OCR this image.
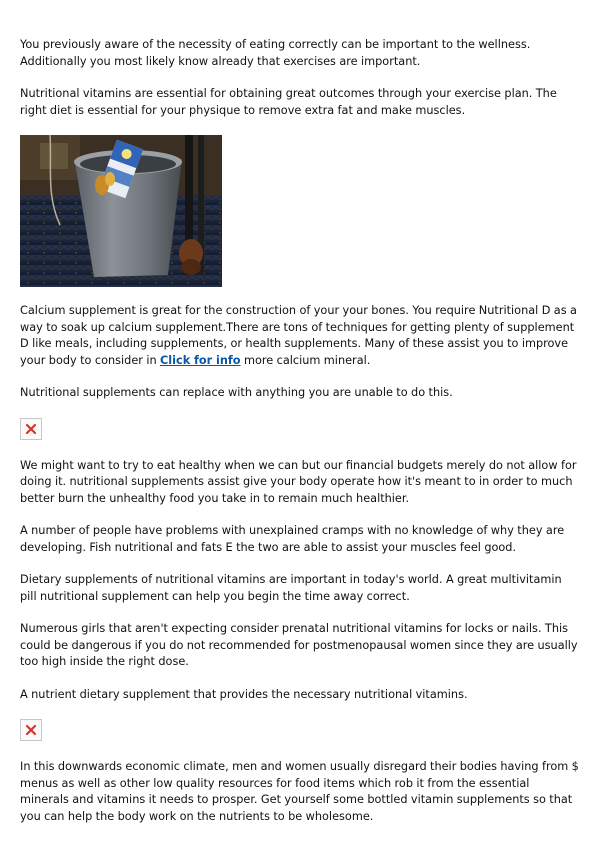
You previously aware of the necessity of eating correctly can be important to the wellness. Additionally you most likely know already that exercises are important.

Nutritional vitamins are essential for obtaining great outcomes through your exercise plan. The right diet is essential for your physique to remove extra fat and make muscles.

Calcium supplement is great for the construction of your your bones. You require Nutritional D as a way to soak up calcium supplement.There are tons of techniques for getting plenty of supplement D like meals, including supplements, or health supplements. Many of these assist you to improve your body to consider in Click for info more calcium mineral.

Nutritional supplements can replace with anything you are unable to do this.

We might want to try to eat healthy when we can but our financial budgets merely do not allow for doing it. nutritional supplements assist give your body operate how it's meant to in order to much better burn the unhealthy food you take in to remain much healthier.

A number of people have problems with unexplained cramps with no knowledge of why they are developing. Fish nutritional and fats E the two are able to assist your muscles feel good.

Dietary supplements of nutritional vitamins are important in today's world. A great multivitamin pill nutritional supplement can help you begin the time away correct.

Numerous girls that aren't expecting consider prenatal nutritional vitamins for locks or nails. This could be dangerous if you do not recommended for postmenopausal women since they are usually too high inside the right dose.

A nutrient dietary supplement that provides the necessary nutritional vitamins.

In this downwards economic climate, men and women usually disregard their bodies having from $ menus as well as other low quality resources for food items which rob it from the essential minerals and vitamins it needs to prosper. Get yourself some bottled vitamin supplements so that you can help the body work on the nutrients to be wholesome.
